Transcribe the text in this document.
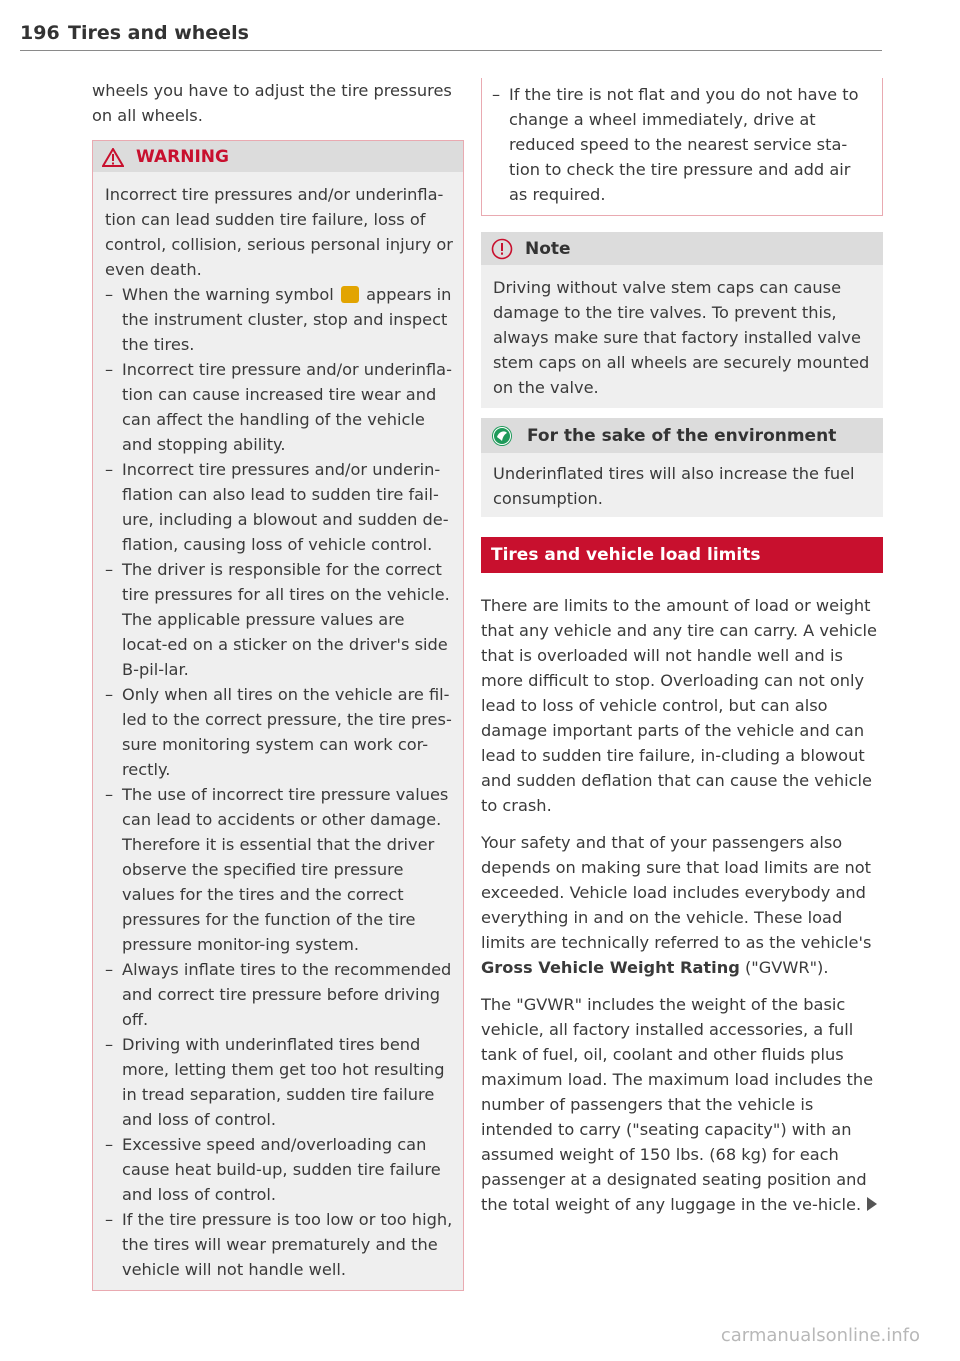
196 Tires and wheels

wheels you have to adjust the tire pressures on all wheels.

WARNING

Incorrect tire pressures and/or underinfla-tion can lead sudden tire failure, loss of control, collision, serious personal injury or even death.

– When the warning symbol appears in the instrument cluster, stop and inspect the tires.
– Incorrect tire pressure and/or underinfla-tion can cause increased tire wear and can affect the handling of the vehicle and stopping ability.
– Incorrect tire pressures and/or underin-flation can also lead to sudden tire fail-ure, including a blowout and sudden de-flation, causing loss of vehicle control.
– The driver is responsible for the correct tire pressures for all tires on the vehicle. The applicable pressure values are locat-ed on a sticker on the driver's side B-pil-lar.
– Only when all tires on the vehicle are fil-led to the correct pressure, the tire pres-sure monitoring system can work cor-rectly.
– The use of incorrect tire pressure values can lead to accidents or other damage. Therefore it is essential that the driver observe the specified tire pressure values for the tires and the correct pressures for the function of the tire pressure monitor-ing system.
– Always inflate tires to the recommended and correct tire pressure before driving off.
– Driving with underinflated tires bend more, letting them get too hot resulting in tread separation, sudden tire failure and loss of control.
– Excessive speed and/overloading can cause heat build-up, sudden tire failure and loss of control.
– If the tire pressure is too low or too high, the tires will wear prematurely and the vehicle will not handle well.
– If the tire is not flat and you do not have to change a wheel immediately, drive at reduced speed to the nearest service sta-tion to check the tire pressure and add air as required.
Note

Driving without valve stem caps can cause damage to the tire valves. To prevent this, always make sure that factory installed valve stem caps on all wheels are securely mounted on the valve.

For the sake of the environment

Underinflated tires will also increase the fuel consumption.

Tires and vehicle load limits

There are limits to the amount of load or weight that any vehicle and any tire can carry. A vehicle that is overloaded will not handle well and is more difficult to stop. Overloading can not only lead to loss of vehicle control, but can also damage important parts of the vehicle and can lead to sudden tire failure, in-cluding a blowout and sudden deflation that can cause the vehicle to crash.

Your safety and that of your passengers also depends on making sure that load limits are not exceeded. Vehicle load includes everybody and everything in and on the vehicle. These load limits are technically referred to as the vehicle's Gross Vehicle Weight Rating ("GVWR").

The "GVWR" includes the weight of the basic vehicle, all factory installed accessories, a full tank of fuel, oil, coolant and other fluids plus maximum load. The maximum load includes the number of passengers that the vehicle is intended to carry ("seating capacity") with an assumed weight of 150 lbs. (68 kg) for each passenger at a designated seating position and the total weight of any luggage in the ve-hicle.

carmanualsonline.info
